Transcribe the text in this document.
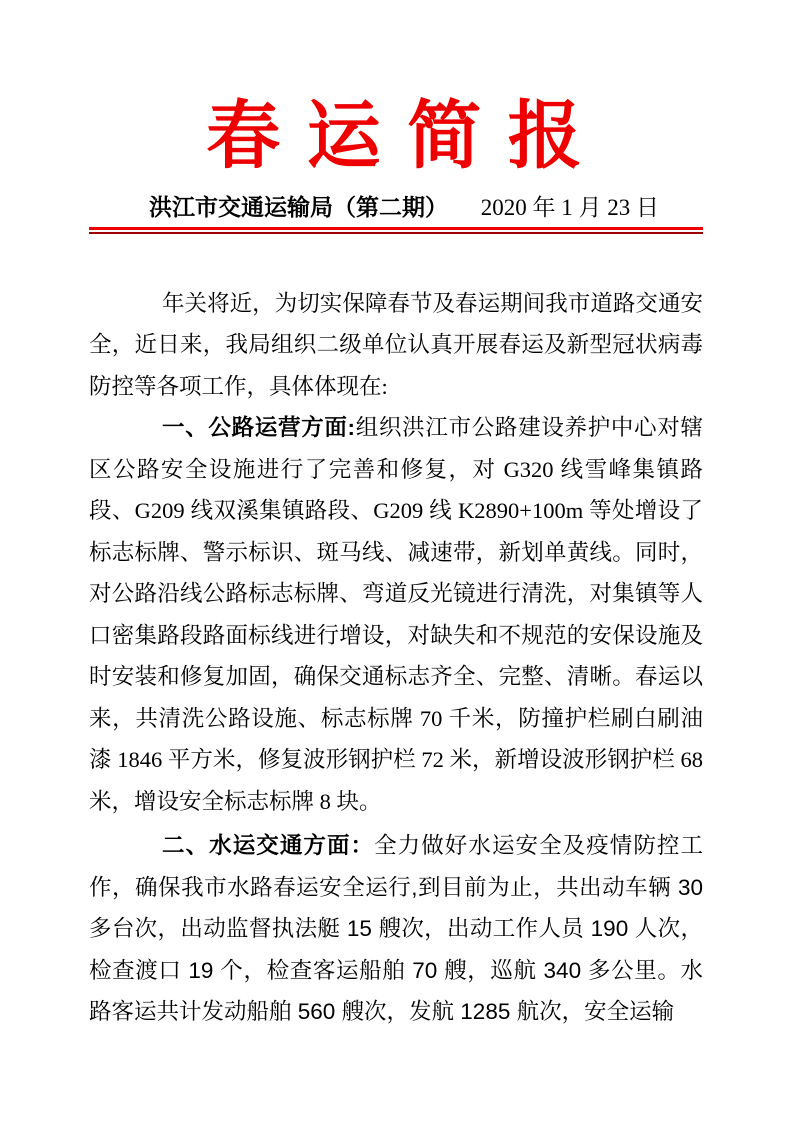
春 运 简 报
洪江市交通运输局（第二期） 2020 年 1 月 23 日

年关将近，为切实保障春节及春运期间我市道路交通安全，近日来，我局组织二级单位认真开展春运及新型冠状病毒防控等各项工作，具体体现在:

一、公路运营方面:组织洪江市公路建设养护中心对辖区公路安全设施进行了完善和修复，对 G320 线雪峰集镇路段、G209 线双溪集镇路段、G209 线 K2890+100m 等处增设了标志标牌、警示标识、斑马线、减速带，新划单黄线。同时，对公路沿线公路标志标牌、弯道反光镜进行清洗，对集镇等人口密集路段路面标线进行增设，对缺失和不规范的安保设施及时安装和修复加固，确保交通标志齐全、完整、清晰。春运以来，共清洗公路设施、标志标牌 70 千米，防撞护栏刷白刷油漆 1846 平方米，修复波形钢护栏 72 米，新增设波形钢护栏 68 米，增设安全标志标牌 8 块。

二、水运交通方面：全力做好水运安全及疫情防控工作，确保我市水路春运安全运行,到目前为止，共出动车辆 30 多台次，出动监督执法艇 15 艘次，出动工作人员 190 人次，检查渡口 19 个，检查客运船舶 70 艘，巡航 340 多公里。水路客运共计发动船舶 560 艘次，发航 1285 航次，安全运输
